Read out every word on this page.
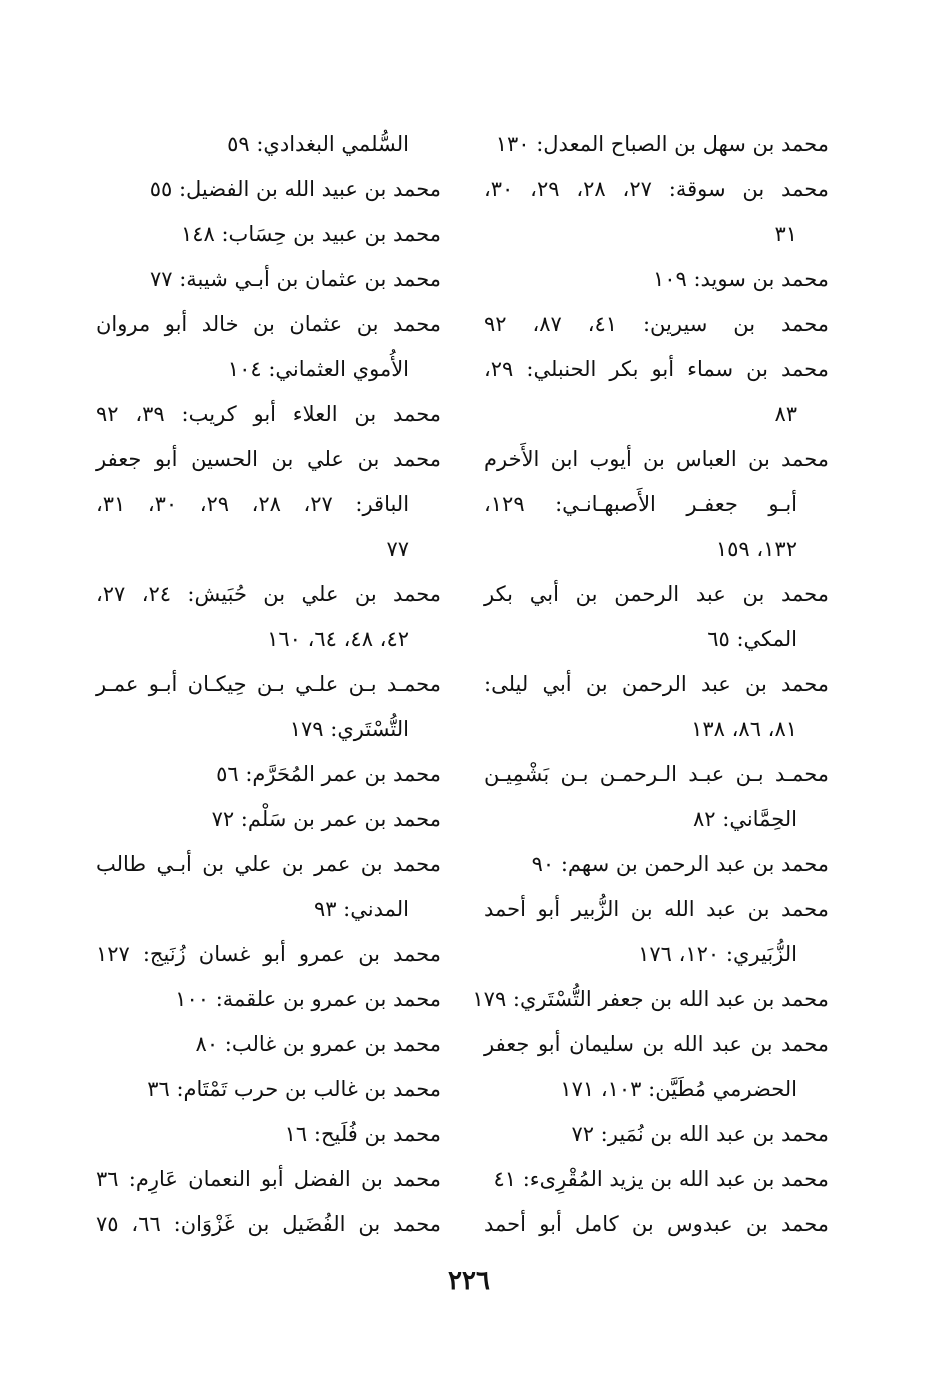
محمد بن سهل بن الصباح المعدل: ١٣٠
محمد بن سوقة: ٢٧، ٢٨، ٢٩، ٣٠،
٣١
محمد بن سويد: ١٠٩
محمد بن سيرين: ٤١، ٨٧، ٩٢
محمد بن سماء أبو بكر الحنبلي: ٢٩،
٨٣
محمد بن العباس بن أيوب ابن الأَخرم
أبـو جعفـر الأَصبهـانـي: ١٢٩،
١٣٢، ١٥٩
محمد بن عبد الرحمن بن أبي بكر
المكي: ٦٥
محمد بن عبد الرحمن بن أبي ليلى:
٨١، ٨٦، ١٣٨
محمـد بـن عبـد الـرحمـن بـن بَشْمِيـن
الحِمَّاني: ٨٢
محمد بن عبد الرحمن بن سهم: ٩٠
محمد بن عبد الله بن الزُّبير أبو أحمد
الزُّبَيري: ١٢٠، ١٧٦
محمد بن عبد الله بن جعفر التُّسْتَري: ١٧٩
محمد بن عبد الله بن سليمان أبو جعفر
الحضرمي مُطَيَّن: ١٠٣، ١٧١
محمد بن عبد الله بن نُمَير: ٧٢
محمد بن عبد الله بن يزيد المُقْرِىء: ٤١
محمد بن عبدوس بن كامل أبو أحمد
السُّلمي البغدادي: ٥٩
محمد بن عبيد الله بن الفضيل: ٥٥
محمد بن عبيد بن حِسَاب: ١٤٨
محمد بن عثمان بن أبـي شيبة: ٧٧
محمد بن عثمان بن خالد أبو مروان
الأُموي العثماني: ١٠٤
محمد بن العلاء أبو كريب: ٣٩، ٩٢
محمد بن علي بن الحسين أبو جعفر
الباقر: ٢٧، ٢٨، ٢٩، ٣٠، ٣١،
٧٧
محمد بن علي بن حُبَيش: ٢٤، ٢٧،
٤٢، ٤٨، ٦٤، ١٦٠
محمـد بـن علـي بـن حِيكـان أبـو عمـر
التُّسْتَري: ١٧٩
محمد بن عمر المُحَرَّم: ٥٦
محمد بن عمر بن سَلْم: ٧٢
محمد بن عمر بن علي بن أبـي طالب
المدني: ٩٣
محمد بن عمرو أبو غسان زُنَيج: ١٢٧
محمد بن عمرو بن علقمة: ١٠٠
محمد بن عمرو بن غالب: ٨٠
محمد بن غالب بن حرب تَمْتَام: ٣٦
محمد بن فُلَيح: ١٦
محمد بن الفضل أبو النعمان عَارِم: ٣٦
محمد بن الفُضَيل بن غَزْوَان: ٦٦، ٧٥
٢٢٦
